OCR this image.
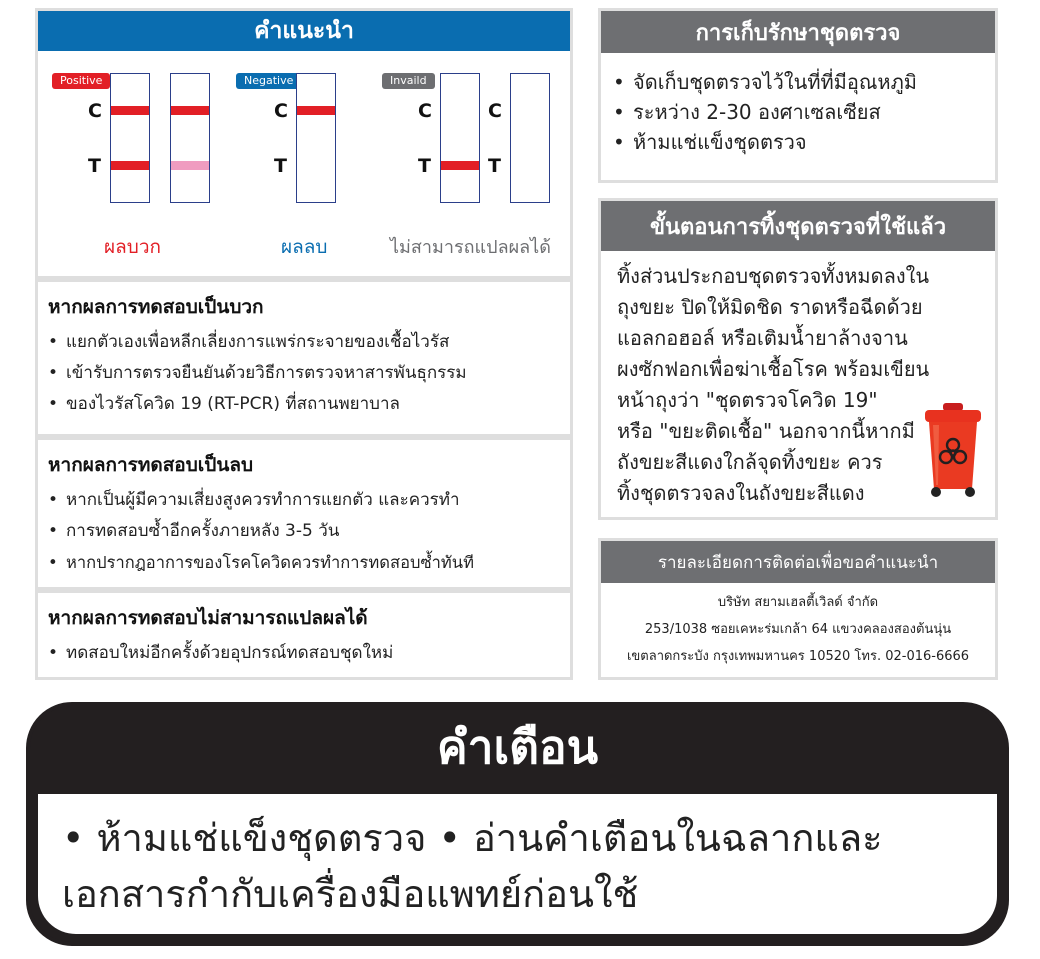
คำแนะนำ
Positive
C
T
ผลบวก
Negative
C
T
ผลลบ
Invaild
C
T
C
T
ไม่สามารถแปลผลได้
หากผลการทดสอบเป็นบวก
• แยกตัวเองเพื่อหลีกเลี่ยงการแพร่กระจายของเชื้อไวรัส
• เข้ารับการตรวจยืนยันด้วยวิธีการตรวจหาสารพันธุกรรม
• ของไวรัสโควิด 19 (RT-PCR) ที่สถานพยาบาล
หากผลการทดสอบเป็นลบ
• หากเป็นผู้มีความเสี่ยงสูงควรทำการแยกตัว และควรทำ
• การทดสอบซ้ำอีกครั้งภายหลัง 3-5 วัน
• หากปรากฎอาการของโรคโควิดควรทำการทดสอบซ้ำทันที
หากผลการทดสอบไม่สามารถแปลผลได้
• ทดสอบใหม่อีกครั้งด้วยอุปกรณ์ทดสอบชุดใหม่
การเก็บรักษาชุดตรวจ
• จัดเก็บชุดตรวจไว้ในที่ที่มีอุณหภูมิ
• ระหว่าง 2-30 องศาเซลเซียส
• ห้ามแช่แข็งชุดตรวจ
ขั้นตอนการทิ้งชุดตรวจที่ใช้แล้ว
ทิ้งส่วนประกอบชุดตรวจทั้งหมดลงใน
ถุงขยะ ปิดให้มิดชิด ราดหรือฉีดด้วย
แอลกอฮอล์ หรือเติมน้ำยาล้างจาน
ผงซักฟอกเพื่อฆ่าเชื้อโรค พร้อมเขียน
หน้าถุงว่า "ชุดตรวจโควิด 19"
หรือ "ขยะติดเชื้อ" นอกจากนี้หากมี
ถังขยะสีแดงใกล้จุดทิ้งขยะ ควร
ทิ้งชุดตรวจลงในถังขยะสีแดง
รายละเอียดการติดต่อเพื่อขอคำแนะนำ
บริษัท สยามเฮลตี้เวิลด์ จำกัด
253/1038 ซอยเคหะร่มเกล้า 64 แขวงคลองสองต้นนุ่น
เขตลาดกระบัง กรุงเทพมหานคร 10520 โทร. 02-016-6666
คำเตือน
• ห้ามแช่แข็งชุดตรวจ • อ่านคำเตือนในฉลากและ
เอกสารกำกับเครื่องมือแพทย์ก่อนใช้
